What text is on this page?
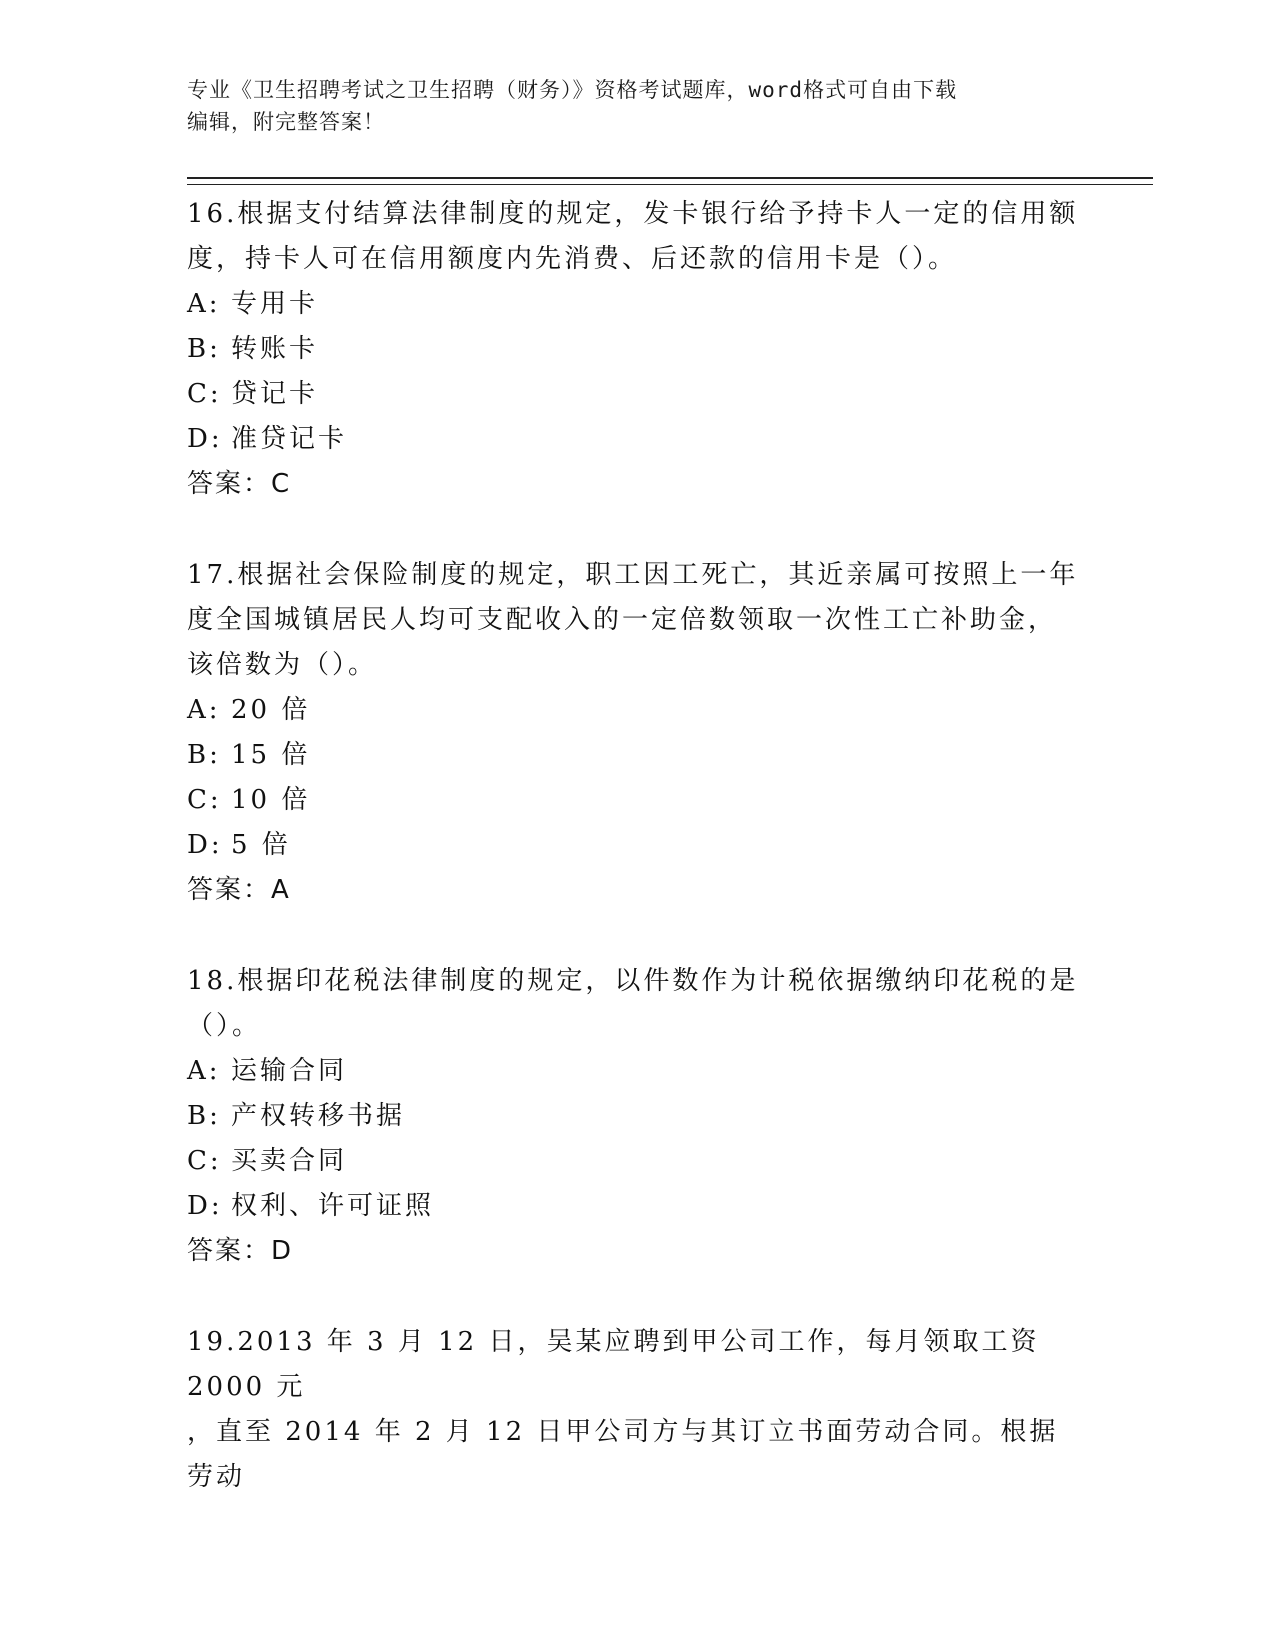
专业《卫生招聘考试之卫生招聘（财务）》资格考试题库，word格式可自由下载
编辑，附完整答案！

16.根据支付结算法律制度的规定，发卡银行给予持卡人一定的信用额

度，持卡人可在信用额度内先消费、后还款的信用卡是（）。

A: 专用卡
B: 转账卡
C: 贷记卡
D: 准贷记卡

答案：C

17.根据社会保险制度的规定，职工因工死亡，其近亲属可按照上一年

度全国城镇居民人均可支配收入的一定倍数领取一次性工亡补助金，

该倍数为（）。

A: 20 倍
B: 15 倍
C: 10 倍
D: 5 倍

答案：A

18.根据印花税法律制度的规定，以件数作为计税依据缴纳印花税的是

（）。

A: 运输合同
B: 产权转移书据
C: 买卖合同
D: 权利、许可证照

答案：D

19.2013 年 3 月 12 日，吴某应聘到甲公司工作，每月领取工资 2000 元

，直至 2014 年 2 月 12 日甲公司方与其订立书面劳动合同。根据劳动
